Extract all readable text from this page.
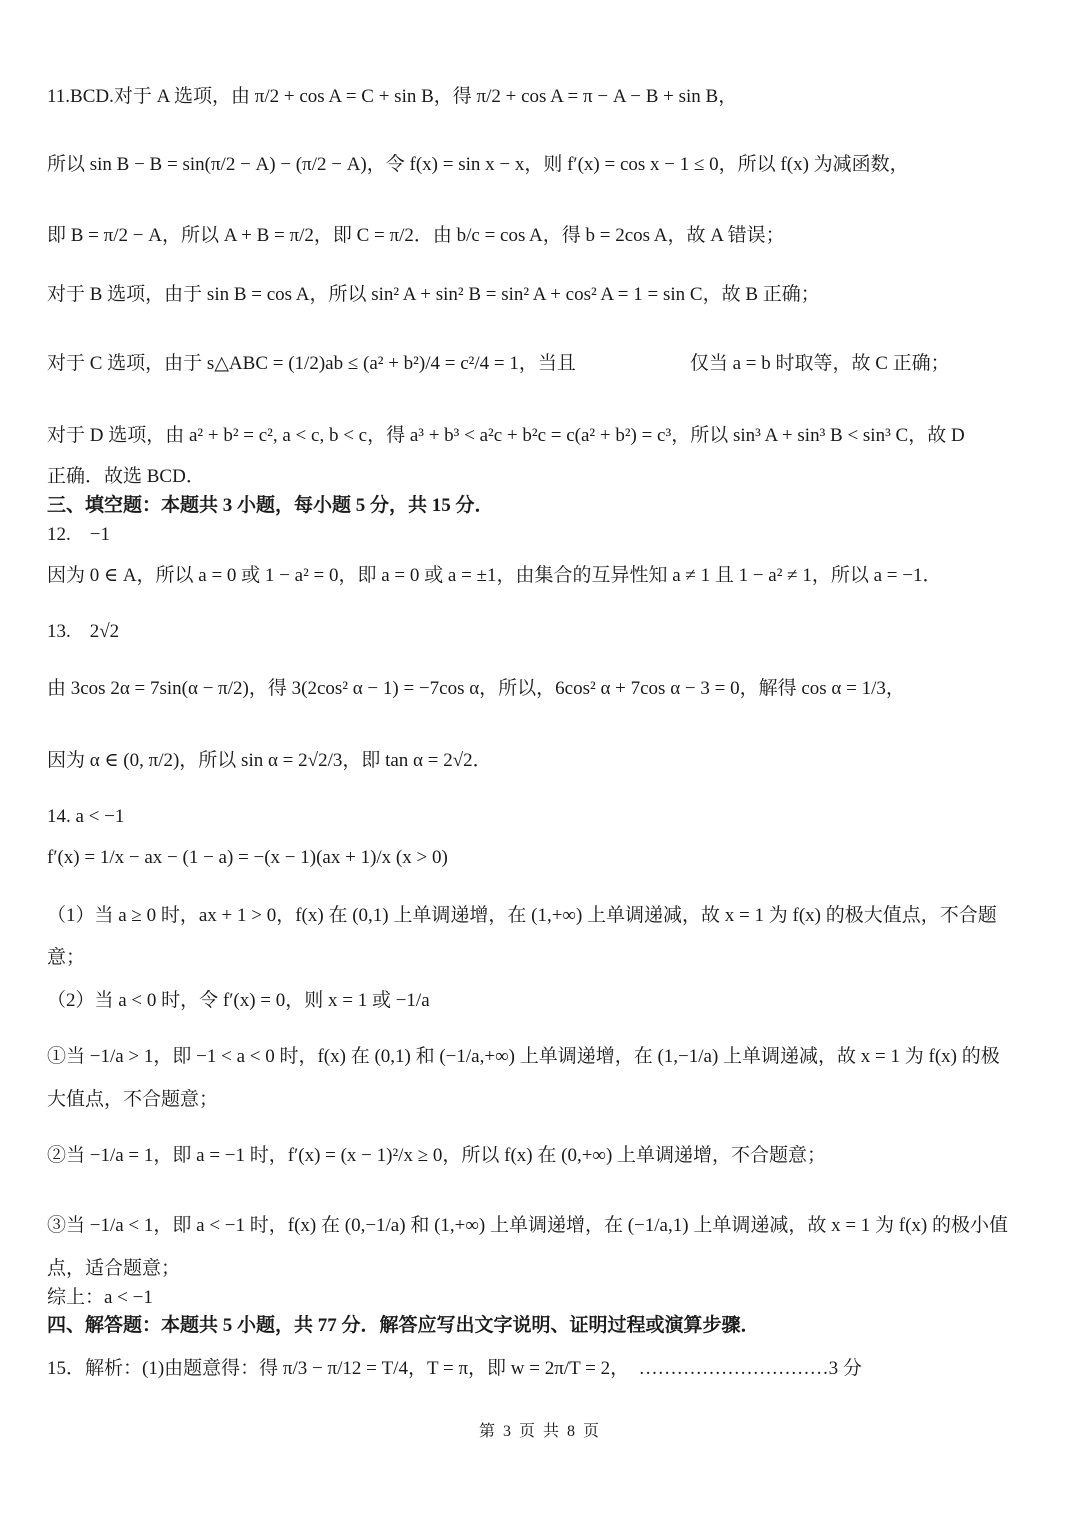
11.BCD.对于 A 选项，由 π/2 + cos A = C + sin B，得 π/2 + cos A = π − A − B + sin B，
所以 sin B − B = sin(π/2 − A) − (π/2 − A)，令 f(x) = sin x − x，则 f′(x) = cos x − 1 ≤ 0，所以 f(x) 为减函数，
即 B = π/2 − A，所以 A + B = π/2，即 C = π/2．由 b/c = cos A，得 b = 2cos A，故 A 错误；
对于 B 选项，由于 sin B = cos A，所以 sin² A + sin² B = sin² A + cos² A = 1 = sin C，故 B 正确；
对于 C 选项，由于 s△ABC = (1/2)ab ≤ (a² + b²)/4 = c²/4 = 1，当且　　　　　　仅当 a = b 时取等，故 C 正确；
对于 D 选项，由 a² + b² = c², a < c, b < c，得 a³ + b³ < a²c + b²c = c(a² + b²) = c³，所以 sin³ A + sin³ B < sin³ C，故 D
正确．故选 BCD．
三、填空题：本题共 3 小题，每小题 5 分，共 15 分．
12.　−1
因为 0 ∈ A，所以 a = 0 或 1 − a² = 0，即 a = 0 或 a = ±1，由集合的互异性知 a ≠ 1 且 1 − a² ≠ 1，所以 a = −1．
13.　2√2
由 3cos 2α = 7sin(α − π/2)，得 3(2cos² α − 1) = −7cos α，所以，6cos² α + 7cos α − 3 = 0，解得 cos α = 1/3，
因为 α ∈ (0, π/2)，所以 sin α = 2√2/3，即 tan α = 2√2．
14. a < −1
f′(x) = 1/x − ax − (1 − a) = −(x − 1)(ax + 1)/x (x > 0)
（1）当 a ≥ 0 时，ax + 1 > 0，f(x) 在 (0,1) 上单调递增，在 (1,+∞) 上单调递减，故 x = 1 为 f(x) 的极大值点，不合题
意；
（2）当 a < 0 时，令 f′(x) = 0，则 x = 1 或 −1/a
①当 −1/a > 1，即 −1 < a < 0 时，f(x) 在 (0,1) 和 (−1/a,+∞) 上单调递增，在 (1,−1/a) 上单调递减，故 x = 1 为 f(x) 的极
大值点，不合题意；
②当 −1/a = 1，即 a = −1 时，f′(x) = (x − 1)²/x ≥ 0，所以 f(x) 在 (0,+∞) 上单调递增，不合题意；
③当 −1/a < 1，即 a < −1 时，f(x) 在 (0,−1/a) 和 (1,+∞) 上单调递增，在 (−1/a,1) 上单调递减，故 x = 1 为 f(x) 的极小值
点，适合题意；
综上：a < −1
四、解答题：本题共 5 小题，共 77 分．解答应写出文字说明、证明过程或演算步骤．
15．解析：(1)由题意得：得 π/3 − π/12 = T/4，T = π，即 w = 2π/T = 2，　…………………………3 分
第 3 页 共 8 页
